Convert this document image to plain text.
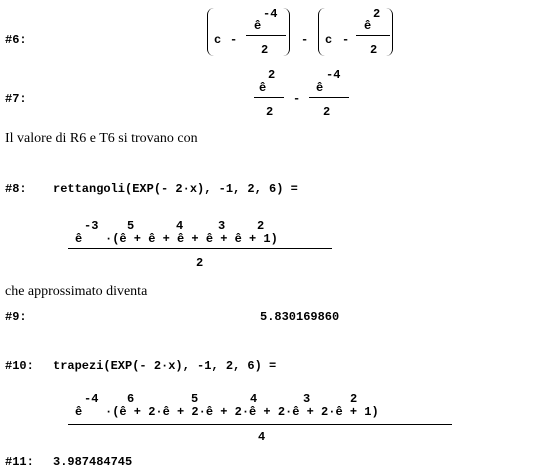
#6:	c -
ê
-4
2
- c -
ê
2
2
#7:
ê
2
2
-
ê
-4
2
Il valore di R6 e T6 si trovano con
#8: rettangoli(EXP(- 2·x), -1, 2, 6) =
ê
-3
·(ê + ê + ê + ê + ê + 1)
5	4	3	2
2
che approssimato diventa
#9:	5.830169860
#10: trapezi(EXP(- 2·x), -1, 2, 6) =
ê
-4
·(ê + 2·ê + 2·ê + 2·ê + 2·ê + 2·ê + 1)
6	5	4	3	2
4
#11: 3.987484745
